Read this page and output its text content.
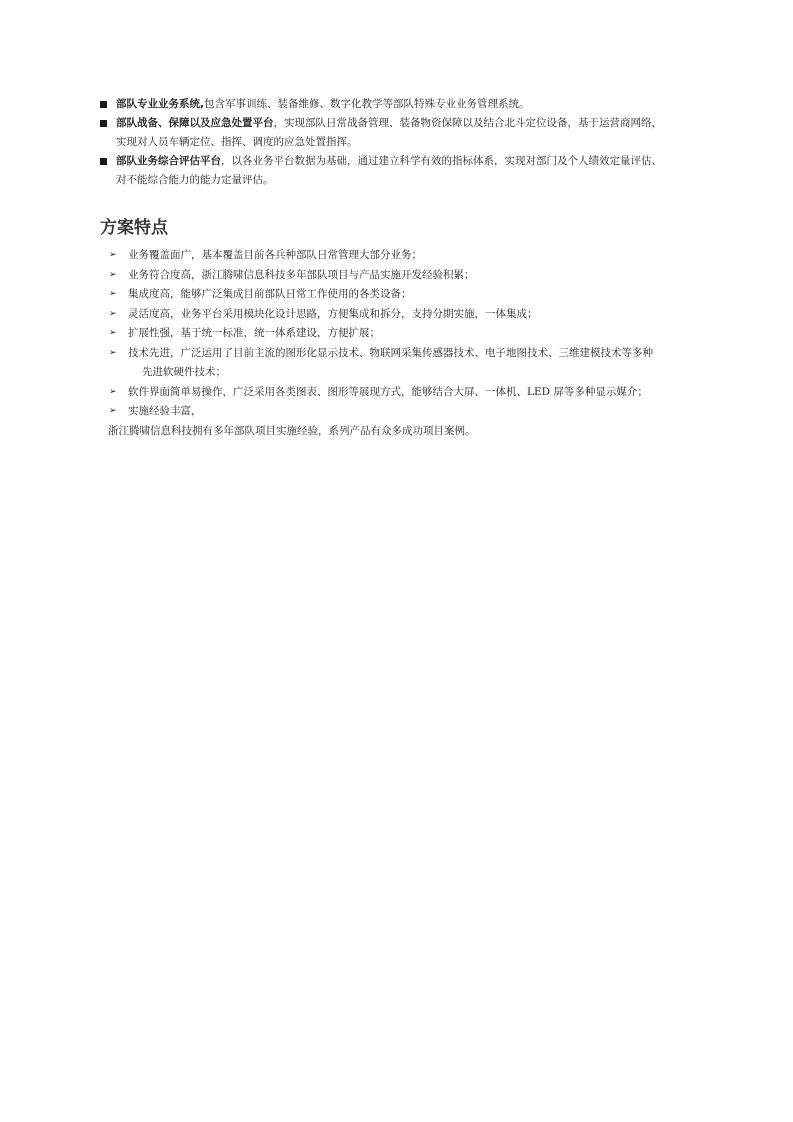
部队专业业务系统,包含军事训练、装备维修、数字化教学等部队特殊专业业务管理系统。
部队战备、保障以及应急处置平台，实现部队日常战备管理、装备物资保障以及结合北斗定位设备，基于运营商网络，
实现对人员车辆定位、指挥、调度的应急处置指挥。
部队业务综合评估平台，以各业务平台数据为基础，通过建立科学有效的指标体系，实现对部门及个人绩效定量评估、
对不能综合能力的能力定量评估。
方案特点
➢ 业务覆盖面广，基本覆盖目前各兵种部队日常管理大部分业务；
➢ 业务符合度高，浙江腾啸信息科技多年部队项目与产品实施开发经验积累；
➢ 集成度高，能够广泛集成目前部队日常工作使用的各类设备；
➢ 灵活度高，业务平台采用模块化设计思路，方便集成和拆分，支持分期实施，一体集成；
➢ 扩展性强，基于统一标准，统一体系建设，方便扩展；
➢ 技术先进，广泛运用了目前主流的图形化显示技术、物联网采集传感器技术、电子地图技术、三维建模技术等多种
先进软硬件技术；
➢ 软件界面简单易操作，广泛采用各类图表、图形等展现方式，能够结合大屏、一体机、LED 屏等多种显示媒介；
➢ 实施经验丰富，
浙江腾啸信息科技拥有多年部队项目实施经验，系列产品有众多成功项目案例。
